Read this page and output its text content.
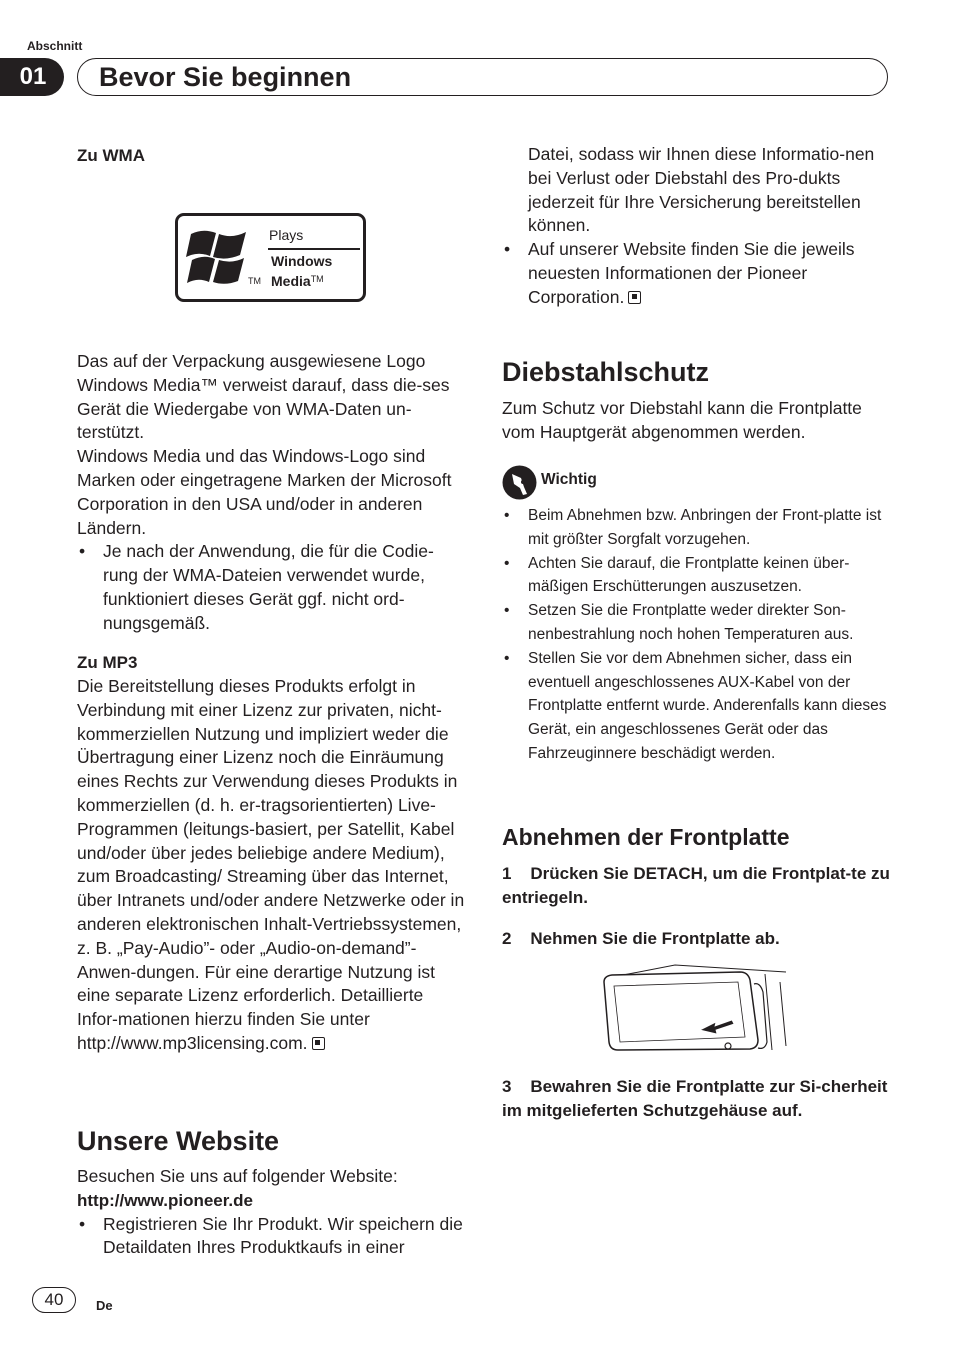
Abschnitt
01	Bevor Sie beginnen
Zu WMA
Plays
Windows
Media™
TM

Das auf der Verpackung ausgewiesene Logo Windows Media™ verweist darauf, dass die-ses Gerät die Wiedergabe von WMA-Daten un-terstützt.

Windows Media und das Windows-Logo sind Marken oder eingetragene Marken der Microsoft Corporation in den USA und/oder in anderen Ländern.

• Je nach der Anwendung, die für die Codie-rung der WMA-Dateien verwendet wurde, funktioniert dieses Gerät ggf. nicht ord-nungsgemäß.
Zu MP3

Die Bereitstellung dieses Produkts erfolgt in Verbindung mit einer Lizenz zur privaten, nicht-kommerziellen Nutzung und impliziert weder die Übertragung einer Lizenz noch die Einräumung eines Rechts zur Verwendung dieses Produkts in kommerziellen (d. h. er-tragsorientierten) Live-Programmen (leitungs-basiert, per Satellit, Kabel und/oder über jedes beliebige andere Medium), zum Broadcasting/ Streaming über das Internet, über Intranets und/oder andere Netzwerke oder in anderen elektronischen Inhalt-Vertriebssystemen, z. B. „Pay-Audio”- oder „Audio-on-demand”-Anwen-dungen. Für eine derartige Nutzung ist eine separate Lizenz erforderlich. Detaillierte Infor-mationen hierzu finden Sie unter http://www.mp3licensing.com.

Unsere Website

Besuchen Sie uns auf folgender Website:

http://www.pioneer.de

• Registrieren Sie Ihr Produkt. Wir speichern die Detaildaten Ihres Produktkaufs in einer

Datei, sodass wir Ihnen diese Informatio-nen bei Verlust oder Diebstahl des Pro-dukts jederzeit für Ihre Versicherung bereitstellen können.

• Auf unserer Website finden Sie die jeweils neuesten Informationen der Pioneer Corporation.
Diebstahlschutz

Zum Schutz vor Diebstahl kann die Frontplatte vom Hauptgerät abgenommen werden.

Wichtig
• Beim Abnehmen bzw. Anbringen der Front-platte ist mit größter Sorgfalt vorzugehen.
• Achten Sie darauf, die Frontplatte keinen über-mäßigen Erschütterungen auszusetzen.
• Setzen Sie die Frontplatte weder direkter Son-nenbestrahlung noch hohen Temperaturen aus.
• Stellen Sie vor dem Abnehmen sicher, dass ein eventuell angeschlossenes AUX-Kabel von der Frontplatte entfernt wurde. Anderenfalls kann dieses Gerät, ein angeschlossenes Gerät oder das Fahrzeuginnere beschädigt werden.
Abnehmen der Frontplatte

1    Drücken Sie DETACH, um die Frontplat-te zu entriegeln.

2    Nehmen Sie die Frontplatte ab.

3    Bewahren Sie die Frontplatte zur Si-cherheit im mitgelieferten Schutzgehäuse auf.

40	De
